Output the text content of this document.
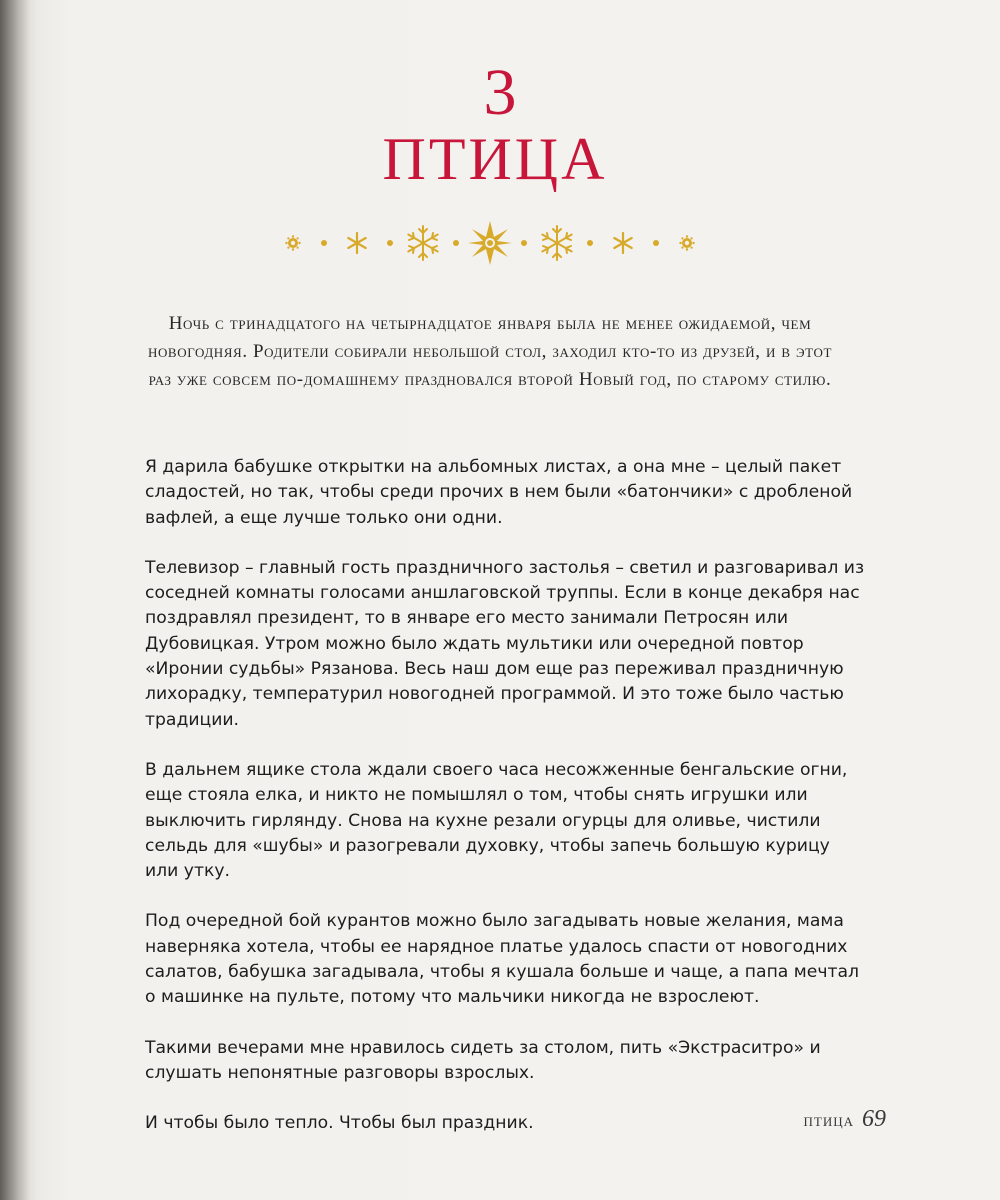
3
ПТИЦА
Ночь с тринадцатого на четырнадцатое января была не менее ожидаемой, чем новогодняя. Родители собирали небольшой стол, заходил кто-то из друзей, и в этот раз уже совсем по-домашнему праздновался второй Новый год, по старому стилю.

Я дарила бабушке открытки на альбомных листах, а она мне – целый пакет сладостей, но так, чтобы среди прочих в нем были «батончики» с дробленой вафлей, а еще лучше только они одни.

Телевизор – главный гость праздничного застолья – светил и разговаривал из соседней комнаты голосами аншлаговской труппы. Если в конце декабря нас поздравлял президент, то в январе его место занимали Петросян или Дубовицкая. Утром можно было ждать мультики или очередной повтор «Иронии судьбы» Рязанова. Весь наш дом еще раз переживал праздничную лихорадку, температурил новогодней программой. И это тоже было частью традиции.

В дальнем ящике стола ждали своего часа несожженные бенгальские огни, еще стояла елка, и никто не помышлял о том, чтобы снять игрушки или выключить гирлянду. Снова на кухне резали огурцы для оливье, чистили сельдь для «шубы» и разогревали духовку, чтобы запечь большую курицу или утку.

Под очередной бой курантов можно было загадывать новые желания, мама наверняка хотела, чтобы ее нарядное платье удалось спасти от новогодних салатов, бабушка загадывала, чтобы я кушала больше и чаще, а папа мечтал о машинке на пульте, потому что мальчики никогда не взрослеют.

Такими вечерами мне нравилось сидеть за столом, пить «Экстраситро» и слушать непонятные разговоры взрослых.

И чтобы было тепло. Чтобы был праздник.	птица 69
